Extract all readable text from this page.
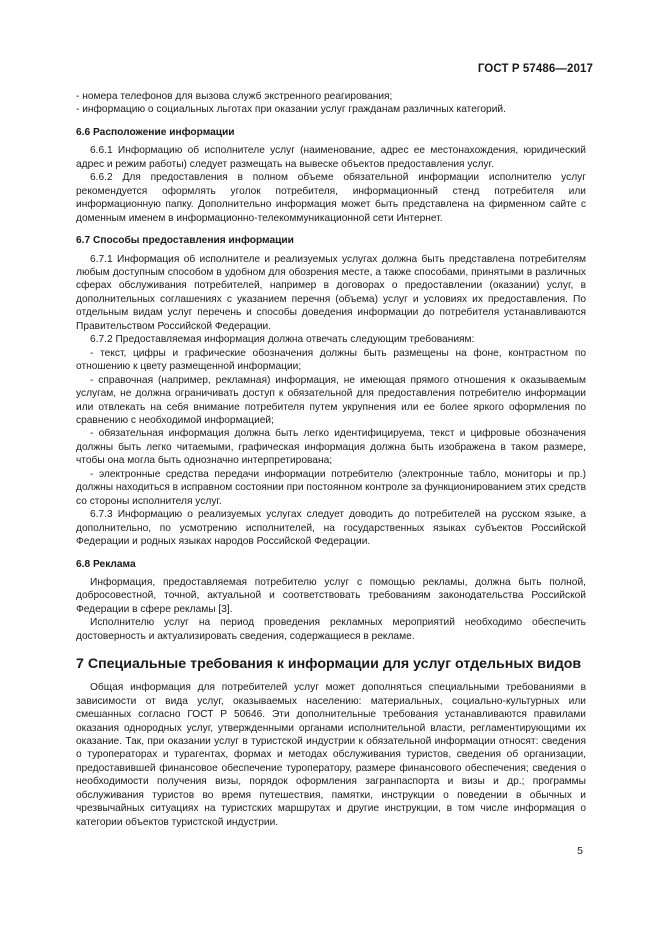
ГОСТ Р 57486—2017

- номера телефонов для вызова служб экстренного реагирования;

- информацию о социальных льготах при оказании услуг гражданам различных категорий.

6.6 Расположение информации

6.6.1 Информацию об исполнителе услуг (наименование, адрес ее местонахождения, юридический адрес и режим работы) следует размещать на вывеске объектов предоставления услуг.

6.6.2 Для предоставления в полном объеме обязательной информации исполнителю услуг рекомендуется оформлять уголок потребителя, информационный стенд потребителя или информационную папку. Дополнительно информация может быть представлена на фирменном сайте с доменным именем в информационно-телекоммуникационной сети Интернет.

6.7 Способы предоставления информации

6.7.1 Информация об исполнителе и реализуемых услугах должна быть представлена потребителям любым доступным способом в удобном для обозрения месте, а также способами, принятыми в различных сферах обслуживания потребителей, например в договорах о предоставлении (оказании) услуг, в дополнительных соглашениях с указанием перечня (объема) услуг и условиях их предоставления. По отдельным видам услуг перечень и способы доведения информации до потребителя устанавливаются Правительством Российской Федерации.

6.7.2 Предоставляемая информация должна отвечать следующим требованиям:

- текст, цифры и графические обозначения должны быть размещены на фоне, контрастном по отношению к цвету размещенной информации;

- справочная (например, рекламная) информация, не имеющая прямого отношения к оказываемым услугам, не должна ограничивать доступ к обязательной для предоставления потребителю информации или отвлекать на себя внимание потребителя путем укрупнения или ее более яркого оформления по сравнению с необходимой информацией;

- обязательная информация должна быть легко идентифицируема, текст и цифровые обозначения должны быть легко читаемыми, графическая информация должна быть изображена в таком размере, чтобы она могла быть однозначно интерпретирована;

- электронные средства передачи информации потребителю (электронные табло, мониторы и пр.) должны находиться в исправном состоянии при постоянном контроле за функционированием этих средств со стороны исполнителя услуг.

6.7.3 Информацию о реализуемых услугах следует доводить до потребителей на русском языке, а дополнительно, по усмотрению исполнителей, на государственных языках субъектов Российской Федерации и родных языках народов Российской Федерации.

6.8 Реклама

Информация, предоставляемая потребителю услуг с помощью рекламы, должна быть полной, добросовестной, точной, актуальной и соответствовать требованиям законодательства Российской Федерации в сфере рекламы [3].

Исполнителю услуг на период проведения рекламных мероприятий необходимо обеспечить достоверность и актуализировать сведения, содержащиеся в рекламе.

7 Специальные требования к информации для услуг отдельных видов

Общая информация для потребителей услуг может дополняться специальными требованиями в зависимости от вида услуг, оказываемых населению: материальных, социально-культурных или смешанных согласно ГОСТ Р 50646. Эти дополнительные требования устанавливаются правилами оказания однородных услуг, утвержденными органами исполнительной власти, регламентирующими их оказание. Так, при оказании услуг в туристской индустрии к обязательной информации относят: сведения о туроператорах и турагентах, формах и методах обслуживания туристов, сведения об организации, предоставившей финансовое обеспечение туроператору, размере финансового обеспечения; сведения о необходимости получения визы, порядок оформления загранпаспорта и визы и др.; программы обслуживания туристов во время путешествия, памятки, инструкции о поведении в обычных и чрезвычайных ситуациях на туристских маршрутах и другие инструкции, в том числе информация о категории объектов туристской индустрии.

5
